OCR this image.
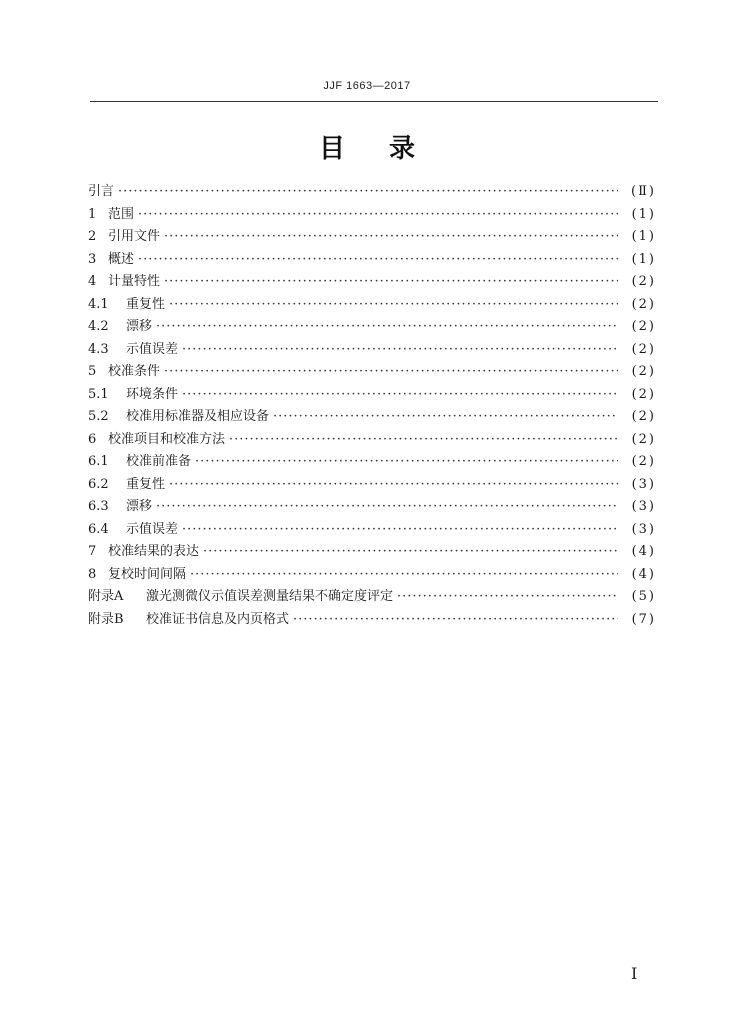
JJF 1663—2017
目 录
引言 ·····	(Ⅱ)
1 范围 ·····	(1)
2 引用文件 ·····	(1)
3 概述 ·····	(1)
4 计量特性 ·····	(2)
4.1	重复性 ·····	(2)
4.2	漂移 ·····	(2)
4.3	示值误差 ·····	(2)
5 校准条件 ·····	(2)
5.1	环境条件 ·····	(2)
5.2	校准用标准器及相应设备 ·····	(2)
6 校准项目和校准方法 ·····	(2)
6.1	校准前准备 ·····	(2)
6.2	重复性 ·····	(3)
6.3	漂移 ·····	(3)
6.4	示值误差 ·····	(3)
7 校准结果的表达 ·····	(4)
8 复校时间间隔 ·····	(4)
附录A	激光测微仪示值误差测量结果不确定度评定 ·····	(5)
附录B	校准证书信息及内页格式 ·····	(7)
I
